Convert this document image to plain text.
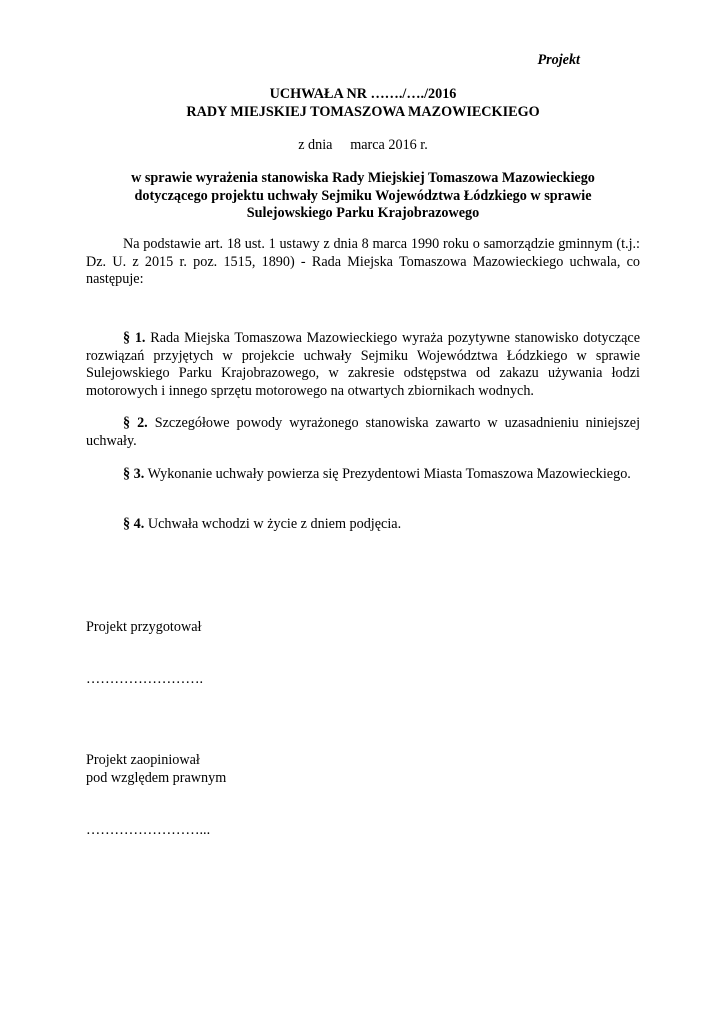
Projekt
UCHWAŁA NR ……./…./2016
RADY MIEJSKIEJ TOMASZOWA MAZOWIECKIEGO
z dnia     marca 2016 r.
w sprawie wyrażenia stanowiska Rady Miejskiej Tomaszowa Mazowieckiego
dotyczącego projektu uchwały Sejmiku Województwa Łódzkiego w sprawie
Sulejowskiego Parku Krajobrazowego
Na podstawie art. 18 ust. 1 ustawy z dnia 8 marca 1990 roku o samorządzie gminnym (t.j.: Dz. U. z 2015 r. poz. 1515, 1890) - Rada Miejska Tomaszowa Mazowieckiego uchwala, co następuje:
§ 1. Rada Miejska Tomaszowa Mazowieckiego wyraża pozytywne stanowisko dotyczące rozwiązań przyjętych w projekcie uchwały Sejmiku Województwa Łódzkiego w sprawie Sulejowskiego Parku Krajobrazowego, w zakresie odstępstwa od zakazu używania łodzi motorowych i innego sprzętu motorowego na otwartych zbiornikach wodnych.
§ 2. Szczegółowe powody wyrażonego stanowiska zawarto w uzasadnieniu niniejszej uchwały.
§ 3. Wykonanie uchwały powierza się Prezydentowi Miasta Tomaszowa Mazowieckiego.
§ 4. Uchwała wchodzi w życie z dniem podjęcia.
Projekt przygotował
…………………….
Projekt zaopiniował
pod względem prawnym
……………………...
